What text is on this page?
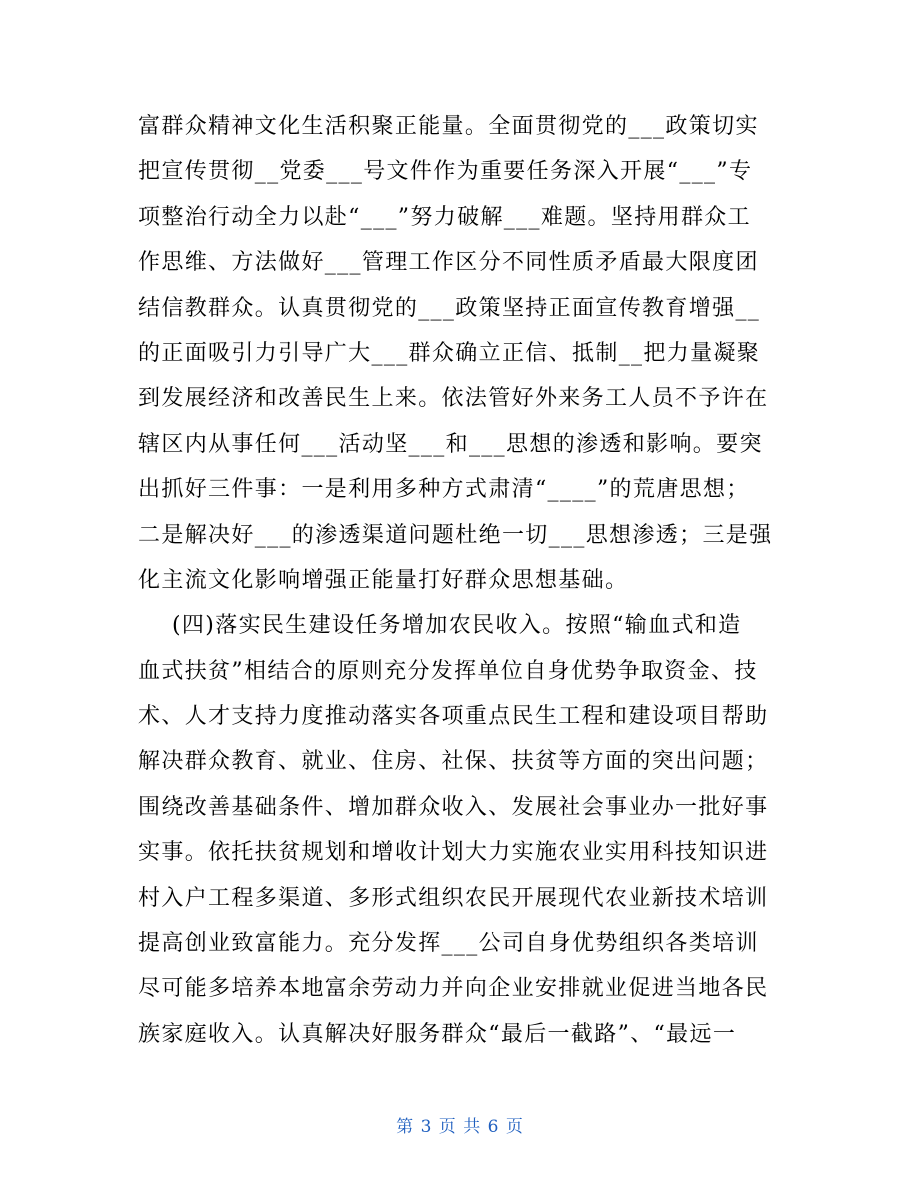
富群众精神文化生活积聚正能量。全面贯彻党的___政策切实
把宣传贯彻__党委___号文件作为重要任务深入开展“___”专
项整治行动全力以赴“___”努力破解___难题。坚持用群众工
作思维、方法做好___管理工作区分不同性质矛盾最大限度团
结信教群众。认真贯彻党的___政策坚持正面宣传教育增强__
的正面吸引力引导广大___群众确立正信、抵制__把力量凝聚
到发展经济和改善民生上来。依法管好外来务工人员不予许在
辖区内从事任何___活动坚___和___思想的渗透和影响。要突
出抓好三件事：一是利用多种方式肃清“____”的荒唐思想；
二是解决好___的渗透渠道问题杜绝一切___思想渗透；三是强
化主流文化影响增强正能量打好群众思想基础。
(四)落实民生建设任务增加农民收入。按照“输血式和造
血式扶贫”相结合的原则充分发挥单位自身优势争取资金、技
术、人才支持力度推动落实各项重点民生工程和建设项目帮助
解决群众教育、就业、住房、社保、扶贫等方面的突出问题；
围绕改善基础条件、增加群众收入、发展社会事业办一批好事
实事。依托扶贫规划和增收计划大力实施农业实用科技知识进
村入户工程多渠道、多形式组织农民开展现代农业新技术培训
提高创业致富能力。充分发挥___公司自身优势组织各类培训
尽可能多培养本地富余劳动力并向企业安排就业促进当地各民
族家庭收入。认真解决好服务群众“最后一截路”、“最远一
第 3 页 共 6 页
